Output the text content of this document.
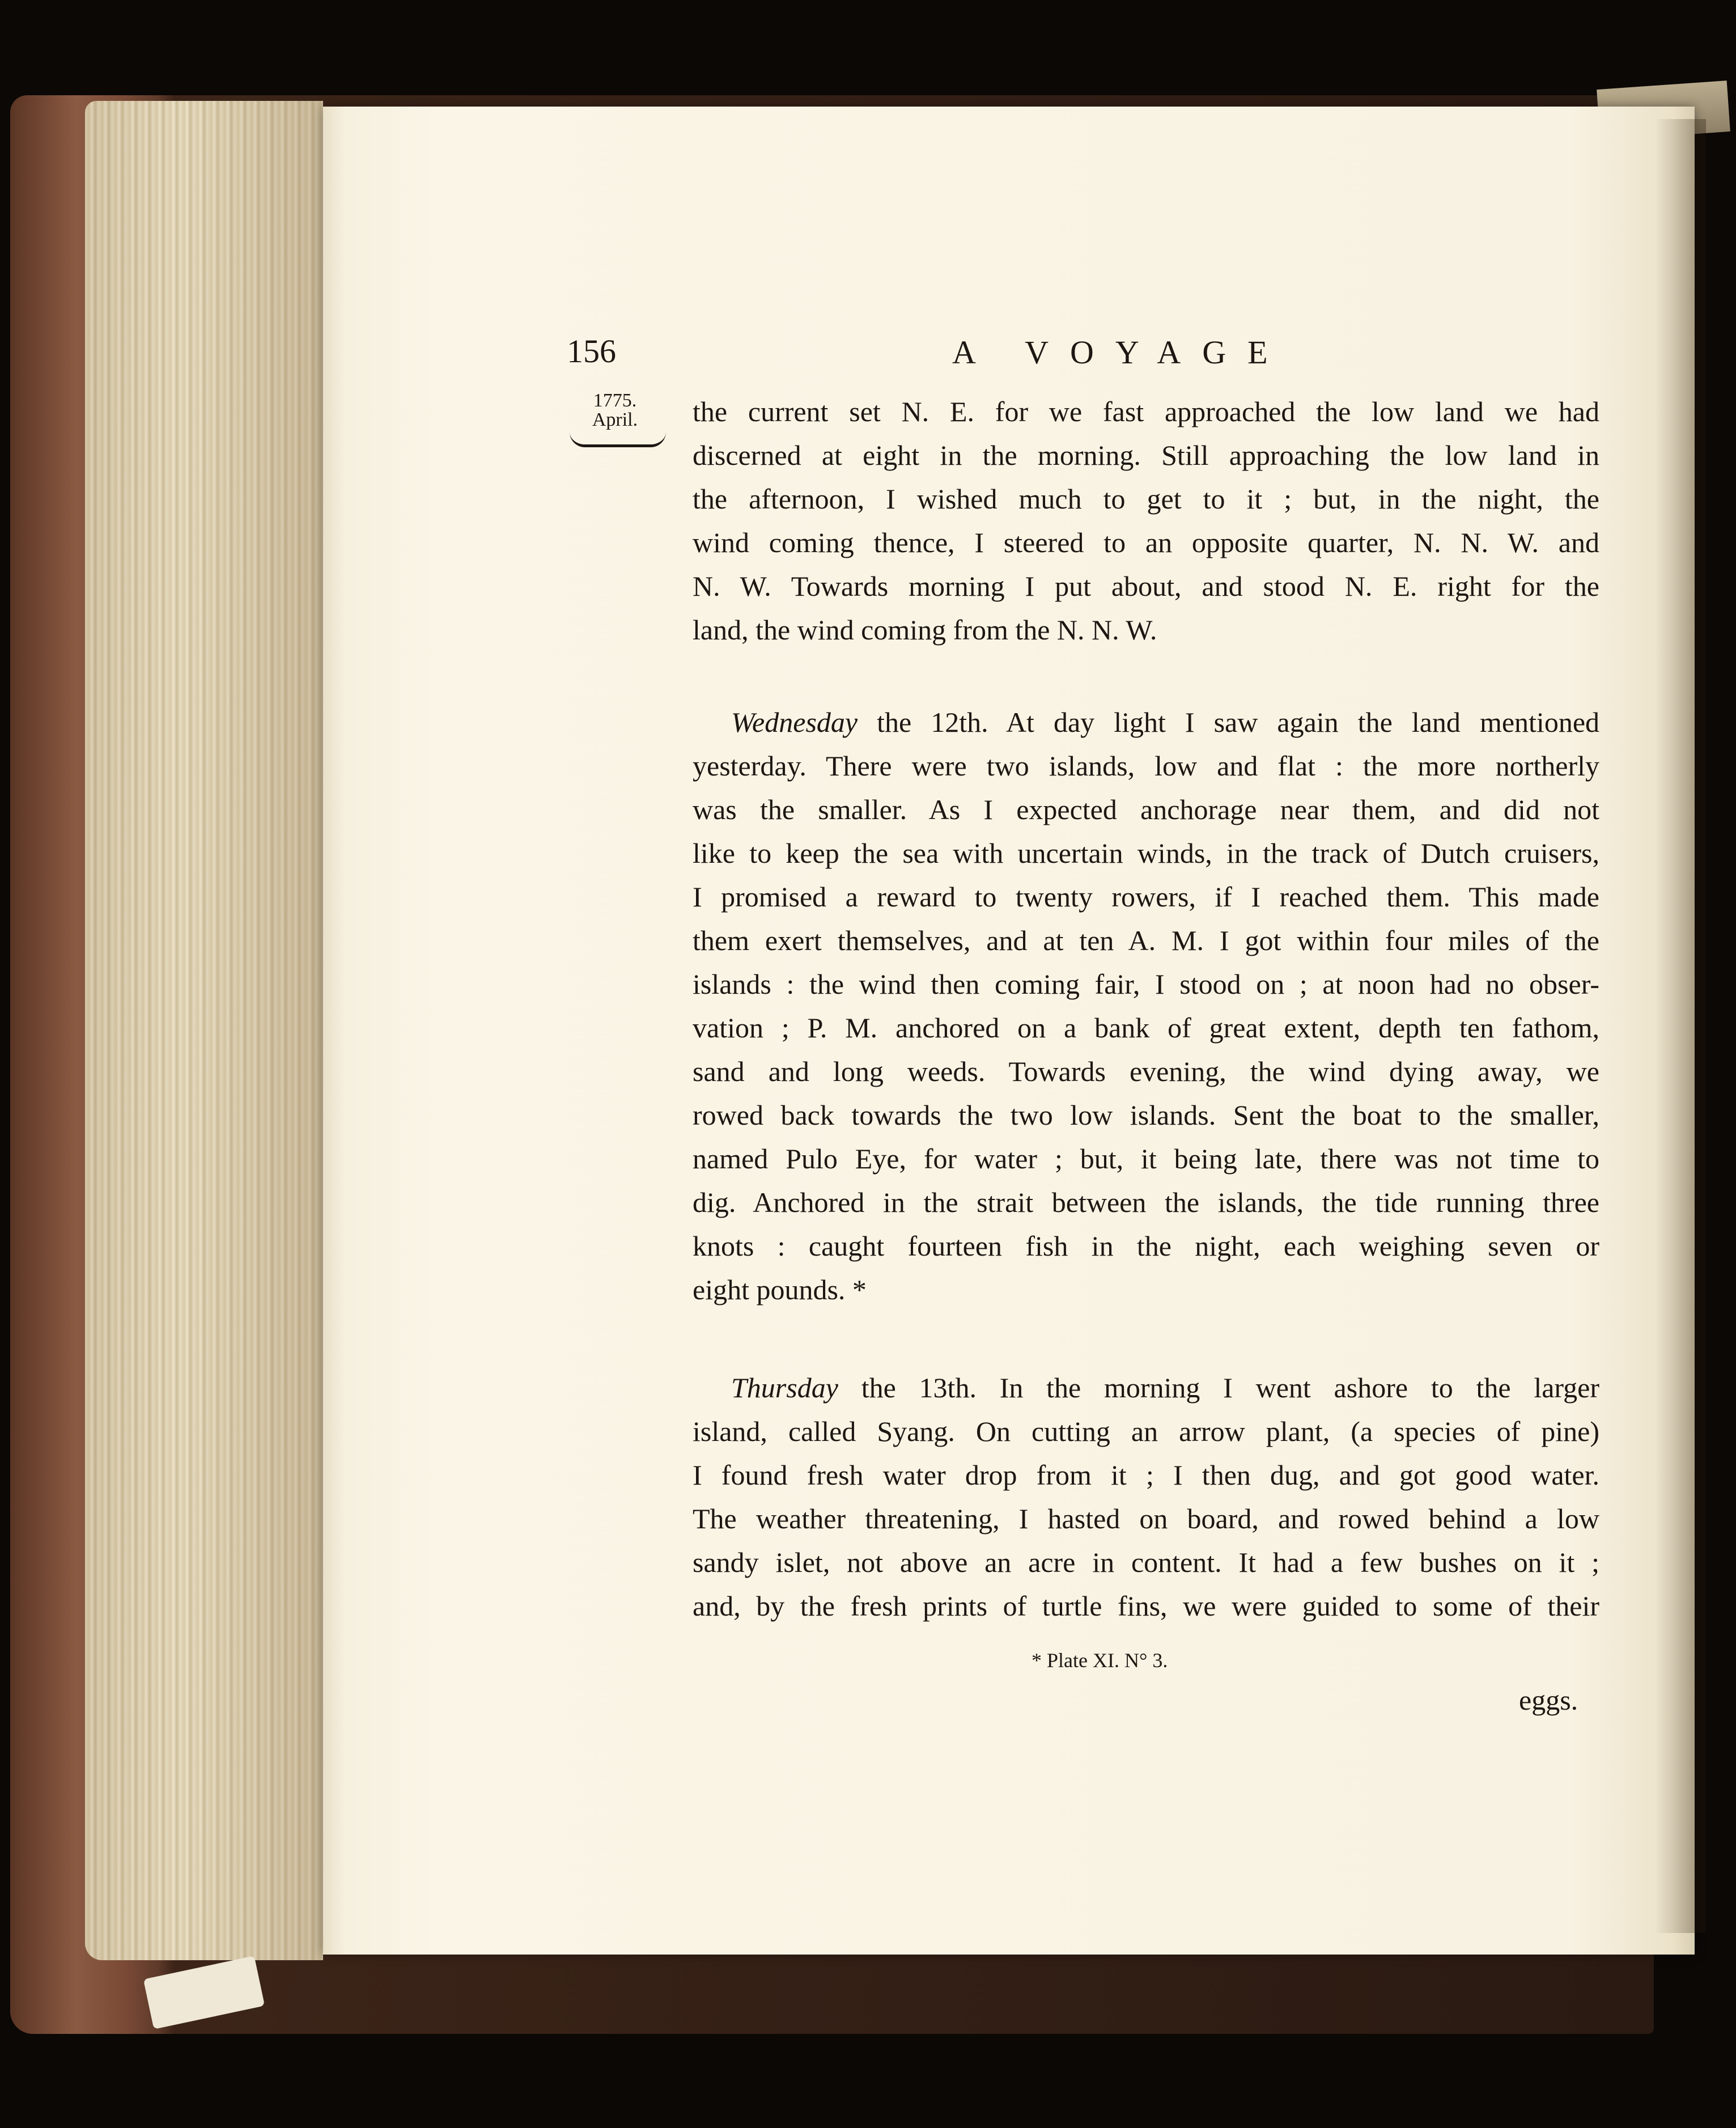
156	A VOYAGE
1775.
April.	the current set N. E. for we fast approached the low land we had
discerned at eight in the morning. Still approaching the low land in
the afternoon, I wished much to get to it ; but, in the night, the
wind coming thence, I steered to an opposite quarter, N. N. W. and
N. W. Towards morning I put about, and stood N. E. right for the
land, the wind coming from the N. N. W.
Wednesday the 12th. At day light I saw again the land mentioned
yesterday. There were two islands, low and flat : the more northerly
was the smaller. As I expected anchorage near them, and did not
like to keep the sea with uncertain winds, in the track of Dutch cruisers,
I promised a reward to twenty rowers, if I reached them. This made
them exert themselves, and at ten A. M. I got within four miles of the
islands : the wind then coming fair, I stood on ; at noon had no obser-
vation ; P. M. anchored on a bank of great extent, depth ten fathom,
sand and long weeds. Towards evening, the wind dying away, we
rowed back towards the two low islands. Sent the boat to the smaller,
named Pulo Eye, for water ; but, it being late, there was not time to
dig. Anchored in the strait between the islands, the tide running three
knots : caught fourteen fish in the night, each weighing seven or
eight pounds. *
Thursday the 13th. In the morning I went ashore to the larger
island, called Syang. On cutting an arrow plant, (a species of pine)
I found fresh water drop from it ; I then dug, and got good water.
The weather threatening, I hasted on board, and rowed behind a low
sandy islet, not above an acre in content. It had a few bushes on it ;
and, by the fresh prints of turtle fins, we were guided to some of their
* Plate XI. N° 3.
eggs.
